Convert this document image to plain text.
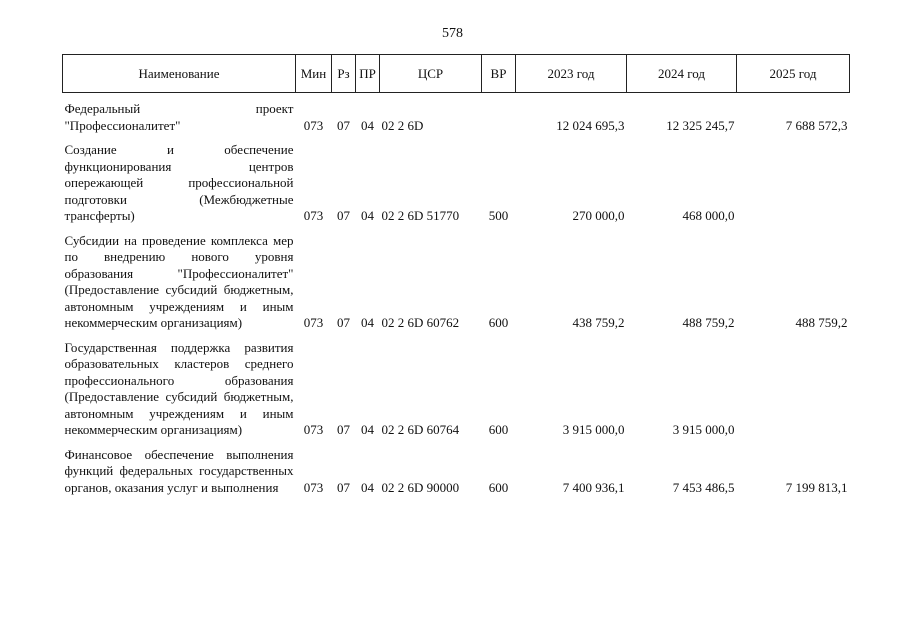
578
Наименование	Мин	Рз	ПР	ЦСР	ВР	2023 год	2024 год	2025 год

Федеральный проект "Профессионалитет"	073	07	04	02 2 6D		12 024 695,3	12 325 245,7	7 688 572,3
Создание и обеспечение функционирования центров опережающей профессиональной подготовки (Межбюджетные трансферты)	073	07	04	02 2 6D 51770	500	270 000,0	468 000,0	
Субсидии на проведение комплекса мер по внедрению нового уровня образования "Профессионалитет" (Предоставление субсидий бюджетным, автономным учреждениям и иным некоммерческим организациям)	073	07	04	02 2 6D 60762	600	438 759,2	488 759,2	488 759,2
Государственная поддержка развития образовательных кластеров среднего профессионального образования (Предоставление субсидий бюджетным, автономным учреждениям и иным некоммерческим организациям)	073	07	04	02 2 6D 60764	600	3 915 000,0	3 915 000,0	
Финансовое обеспечение выполнения функций федеральных государственных органов, оказания услуг и выполнения	073	07	04	02 2 6D 90000	600	7 400 936,1	7 453 486,5	7 199 813,1
